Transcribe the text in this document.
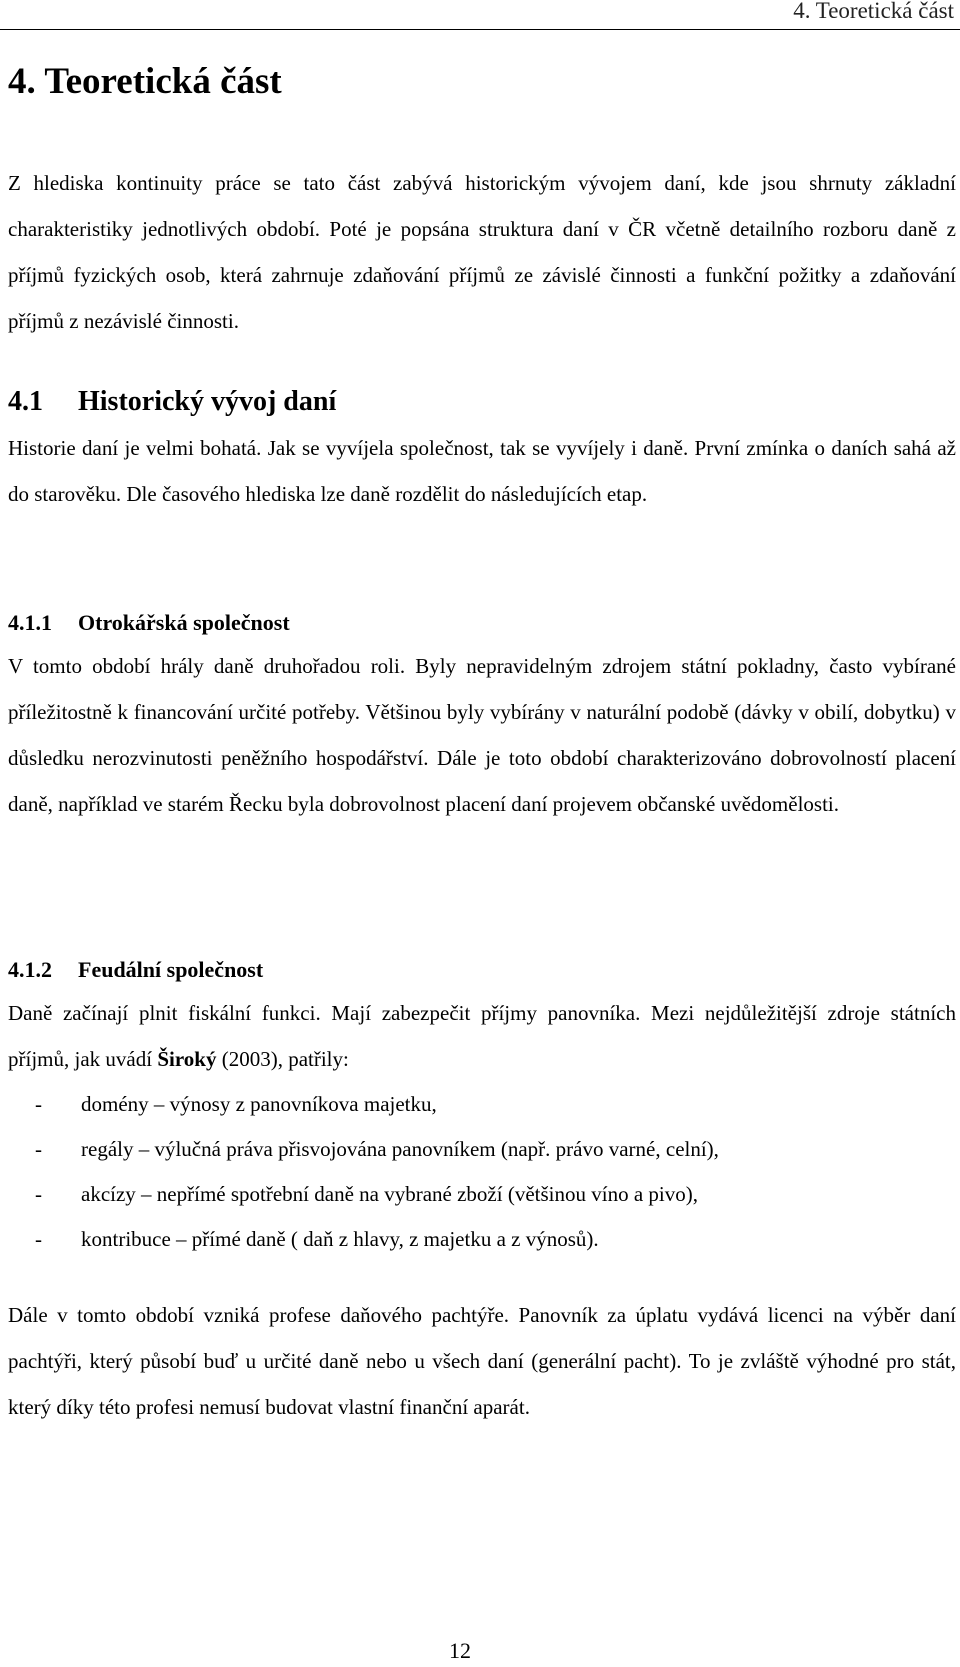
4. Teoretická část
4. Teoretická část

Z hlediska kontinuity práce se tato část zabývá historickým vývojem daní, kde jsou shrnuty základní charakteristiky jednotlivých období. Poté je popsána struktura daní v ČR včetně detailního rozboru daně z příjmů fyzických osob, která zahrnuje zdaňování příjmů ze závislé činnosti a funkční požitky a zdaňování příjmů z nezávislé činnosti.

4.1 Historický vývoj daní

Historie daní je velmi bohatá. Jak se vyvíjela společnost, tak se vyvíjely i daně. První zmínka o daních sahá až do starověku. Dle časového hlediska lze daně rozdělit do následujících etap.

4.1.1 Otrokářská společnost

V tomto období hrály daně druhořadou roli. Byly nepravidelným zdrojem státní pokladny, často vybírané příležitostně k financování určité potřeby. Většinou byly vybírány v naturální podobě (dávky v obilí, dobytku) v důsledku nerozvinutosti peněžního hospodářství. Dále je toto období charakterizováno dobrovolností placení daně, například ve starém Řecku byla dobrovolnost placení daní projevem občanské uvědomělosti.

4.1.2 Feudální společnost

Daně začínají plnit fiskální funkci. Mají zabezpečit příjmy panovníka. Mezi nejdůležitější zdroje státních příjmů, jak uvádí Široký (2003), patřily:

- domény – výnosy z panovníkova majetku,
- regály – výlučná práva přisvojována panovníkem (např. právo varné, celní),
- akcízy – nepřímé spotřební daně na vybrané zboží (většinou víno a pivo),
- kontribuce – přímé daně ( daň z hlavy, z majetku a z výnosů).

Dále v tomto období vzniká profese daňového pachtýře. Panovník za úplatu vydává licenci na výběr daní pachtýři, který působí buď u určité daně nebo u všech daní (generální pacht). To je zvláště výhodné pro stát, který díky této profesi nemusí budovat vlastní finanční aparát.

12
